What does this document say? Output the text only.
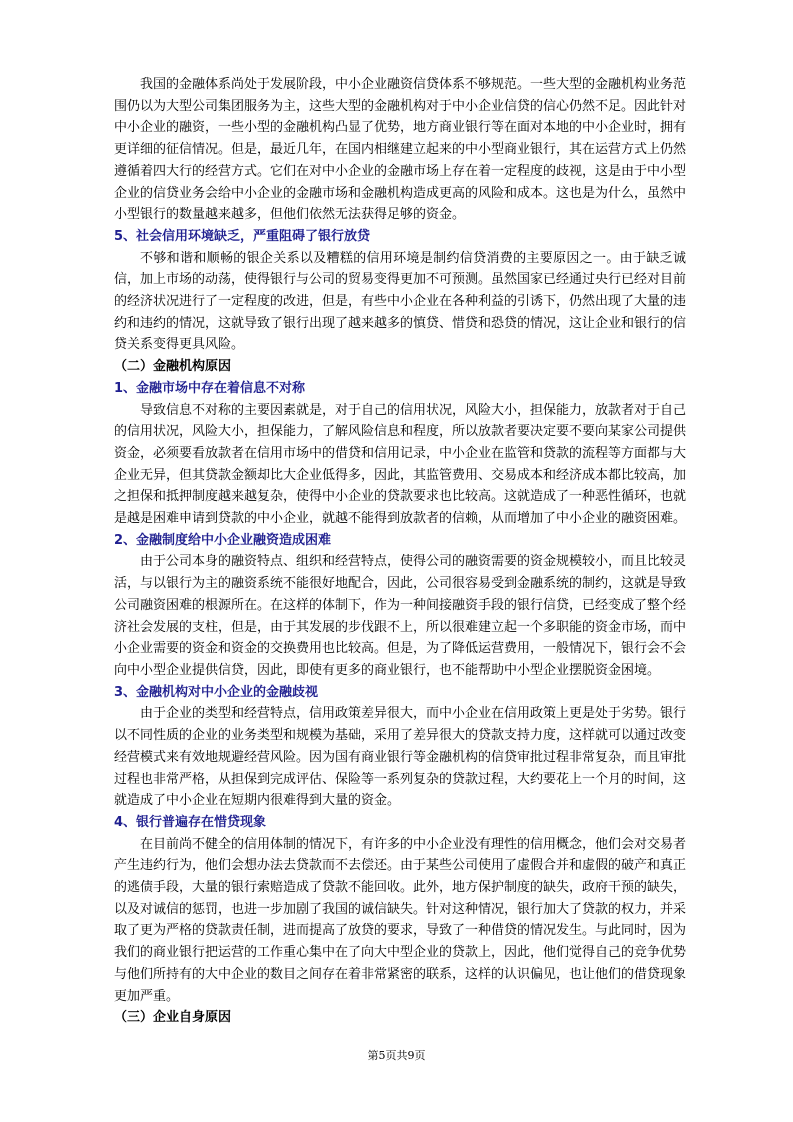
我国的金融体系尚处于发展阶段，中小企业融资信贷体系不够规范。一些大型的金融机构业务范围仍以为大型公司集团服务为主，这些大型的金融机构对于中小企业信贷的信心仍然不足。因此针对中小企业的融资，一些小型的金融机构凸显了优势，地方商业银行等在面对本地的中小企业时，拥有更详细的征信情况。但是，最近几年，在国内相继建立起来的中小型商业银行，其在运营方式上仍然遵循着四大行的经营方式。它们在对中小企业的金融市场上存在着一定程度的歧视，这是由于中小型企业的信贷业务会给中小企业的金融市场和金融机构造成更高的风险和成本。这也是为什么，虽然中小型银行的数量越来越多，但他们依然无法获得足够的资金。

5、社会信用环境缺乏，严重阻碍了银行放贷

不够和谐和顺畅的银企关系以及糟糕的信用环境是制约信贷消费的主要原因之一。由于缺乏诚信，加上市场的动荡，使得银行与公司的贸易变得更加不可预测。虽然国家已经通过央行已经对目前的经济状况进行了一定程度的改进，但是，有些中小企业在各种利益的引诱下，仍然出现了大量的违约和违约的情况，这就导致了银行出现了越来越多的慎贷、惜贷和恐贷的情况，这让企业和银行的信贷关系变得更具风险。

（二）金融机构原因

1、金融市场中存在着信息不对称

导致信息不对称的主要因素就是，对于自己的信用状况，风险大小，担保能力，放款者对于自己的信用状况，风险大小，担保能力，了解风险信息和程度，所以放款者要决定要不要向某家公司提供资金，必须要看放款者在信用市场中的借贷和信用记录，中小企业在监管和贷款的流程等方面都与大企业无异，但其贷款金额却比大企业低得多，因此，其监管费用、交易成本和经济成本都比较高，加之担保和抵押制度越来越复杂，使得中小企业的贷款要求也比较高。这就造成了一种恶性循环，也就是越是困难申请到贷款的中小企业，就越不能得到放款者的信赖，从而增加了中小企业的融资困难。

2、金融制度给中小企业融资造成困难

由于公司本身的融资特点、组织和经营特点，使得公司的融资需要的资金规模较小，而且比较灵活，与以银行为主的融资系统不能很好地配合，因此，公司很容易受到金融系统的制约，这就是导致公司融资困难的根源所在。在这样的体制下，作为一种间接融资手段的银行信贷，已经变成了整个经济社会发展的支柱，但是，由于其发展的步伐跟不上，所以很难建立起一个多职能的资金市场，而中小企业需要的资金和资金的交换费用也比较高。但是，为了降低运营费用，一般情况下，银行会不会向中小型企业提供信贷，因此，即使有更多的商业银行，也不能帮助中小型企业摆脱资金困境。

3、金融机构对中小企业的金融歧视

由于企业的类型和经营特点，信用政策差异很大，而中小企业在信用政策上更是处于劣势。银行以不同性质的企业的业务类型和规模为基础，采用了差异很大的贷款支持力度，这样就可以通过改变经营模式来有效地规避经营风险。因为国有商业银行等金融机构的信贷审批过程非常复杂，而且审批过程也非常严格，从担保到完成评估、保险等一系列复杂的贷款过程，大约要花上一个月的时间，这就造成了中小企业在短期内很难得到大量的资金。

4、银行普遍存在惜贷现象

在目前尚不健全的信用体制的情况下，有许多的中小企业没有理性的信用概念，他们会对交易者产生违约行为，他们会想办法去贷款而不去偿还。由于某些公司使用了虚假合并和虚假的破产和真正的逃债手段，大量的银行索赔造成了贷款不能回收。此外，地方保护制度的缺失，政府干预的缺失，以及对诚信的惩罚，也进一步加剧了我国的诚信缺失。针对这种情况，银行加大了贷款的权力，并采取了更为严格的贷款责任制，进而提高了放贷的要求，导致了一种借贷的情况发生。与此同时，因为我们的商业银行把运营的工作重心集中在了向大中型企业的贷款上，因此，他们觉得自己的竞争优势与他们所持有的大中企业的数目之间存在着非常紧密的联系，这样的认识偏见，也让他们的借贷现象更加严重。

（三）企业自身原因

第5页共9页
